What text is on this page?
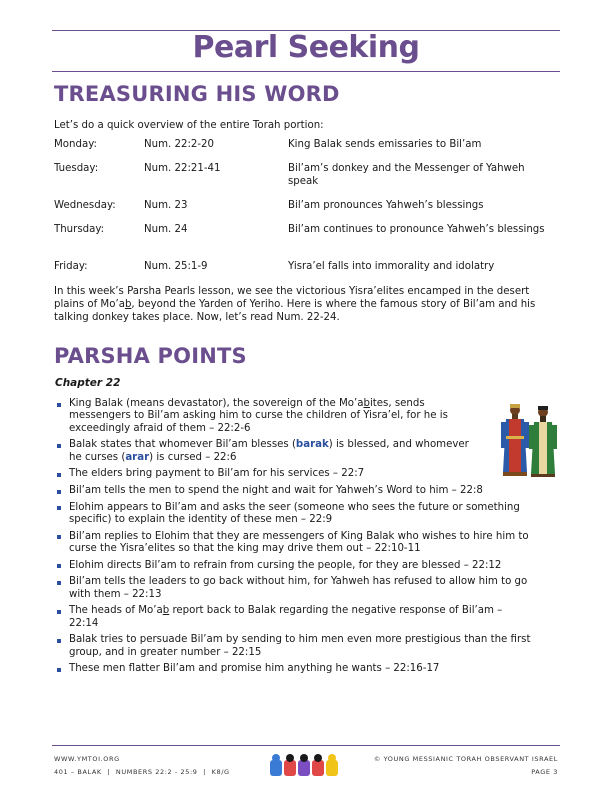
Pearl Seeking
TREASURING HIS WORD
Let’s do a quick overview of the entire Torah portion:
Monday:	Num. 22:2-20	King Balak sends emissaries to Bil’am
Tuesday:	Num. 22:21-41	Bil’am’s donkey and the Messenger of Yahweh speak
Wednesday:	Num. 23	Bil’am pronounces Yahweh’s blessings
Thursday:	Num. 24	Bil’am continues to pronounce Yahweh’s blessings
Friday:	Num. 25:1-9	Yisra’el falls into immorality and idolatry
In this week’s Parsha Pearls lesson, we see the victorious Yisra’elites encamped in the desert plains of Mo’ab, beyond the Yarden of Yeriho. Here is where the famous story of Bil’am and his talking donkey takes place. Now, let’s read Num. 22-24.
PARSHA POINTS
Chapter 22
King Balak (means devastator), the sovereign of the Mo’abites, sends messengers to Bil’am asking him to curse the children of Yisra’el, for he is exceedingly afraid of them – 22:2-6
Balak states that whomever Bil’am blesses (barak) is blessed, and whomever he curses (arar) is cursed – 22:6
The elders bring payment to Bil’am for his services – 22:7
Bil’am tells the men to spend the night and wait for Yahweh’s Word to him – 22:8
Elohim appears to Bil’am and asks the seer (someone who sees the future or something specific) to explain the identity of these men – 22:9
Bil’am replies to Elohim that they are messengers of King Balak who wishes to hire him to curse the Yisra’elites so that the king may drive them out – 22:10-11
Elohim directs Bil’am to refrain from cursing the people, for they are blessed – 22:12
Bil’am tells the leaders to go back without him, for Yahweh has refused to allow him to go with them – 22:13
The heads of Mo’ab report back to Balak regarding the negative response of Bil’am – 22:14
Balak tries to persuade Bil’am by sending to him men even more prestigious than the first group, and in greater number – 22:15
These men flatter Bil’am and promise him anything he wants – 22:16-17
WWW.YMTOI.ORG
401 – BALAK | NUMBERS 22:2 - 25:9 | K8/G
© YOUNG MESSIANIC TORAH OBSERVANT ISRAEL
PAGE 3
